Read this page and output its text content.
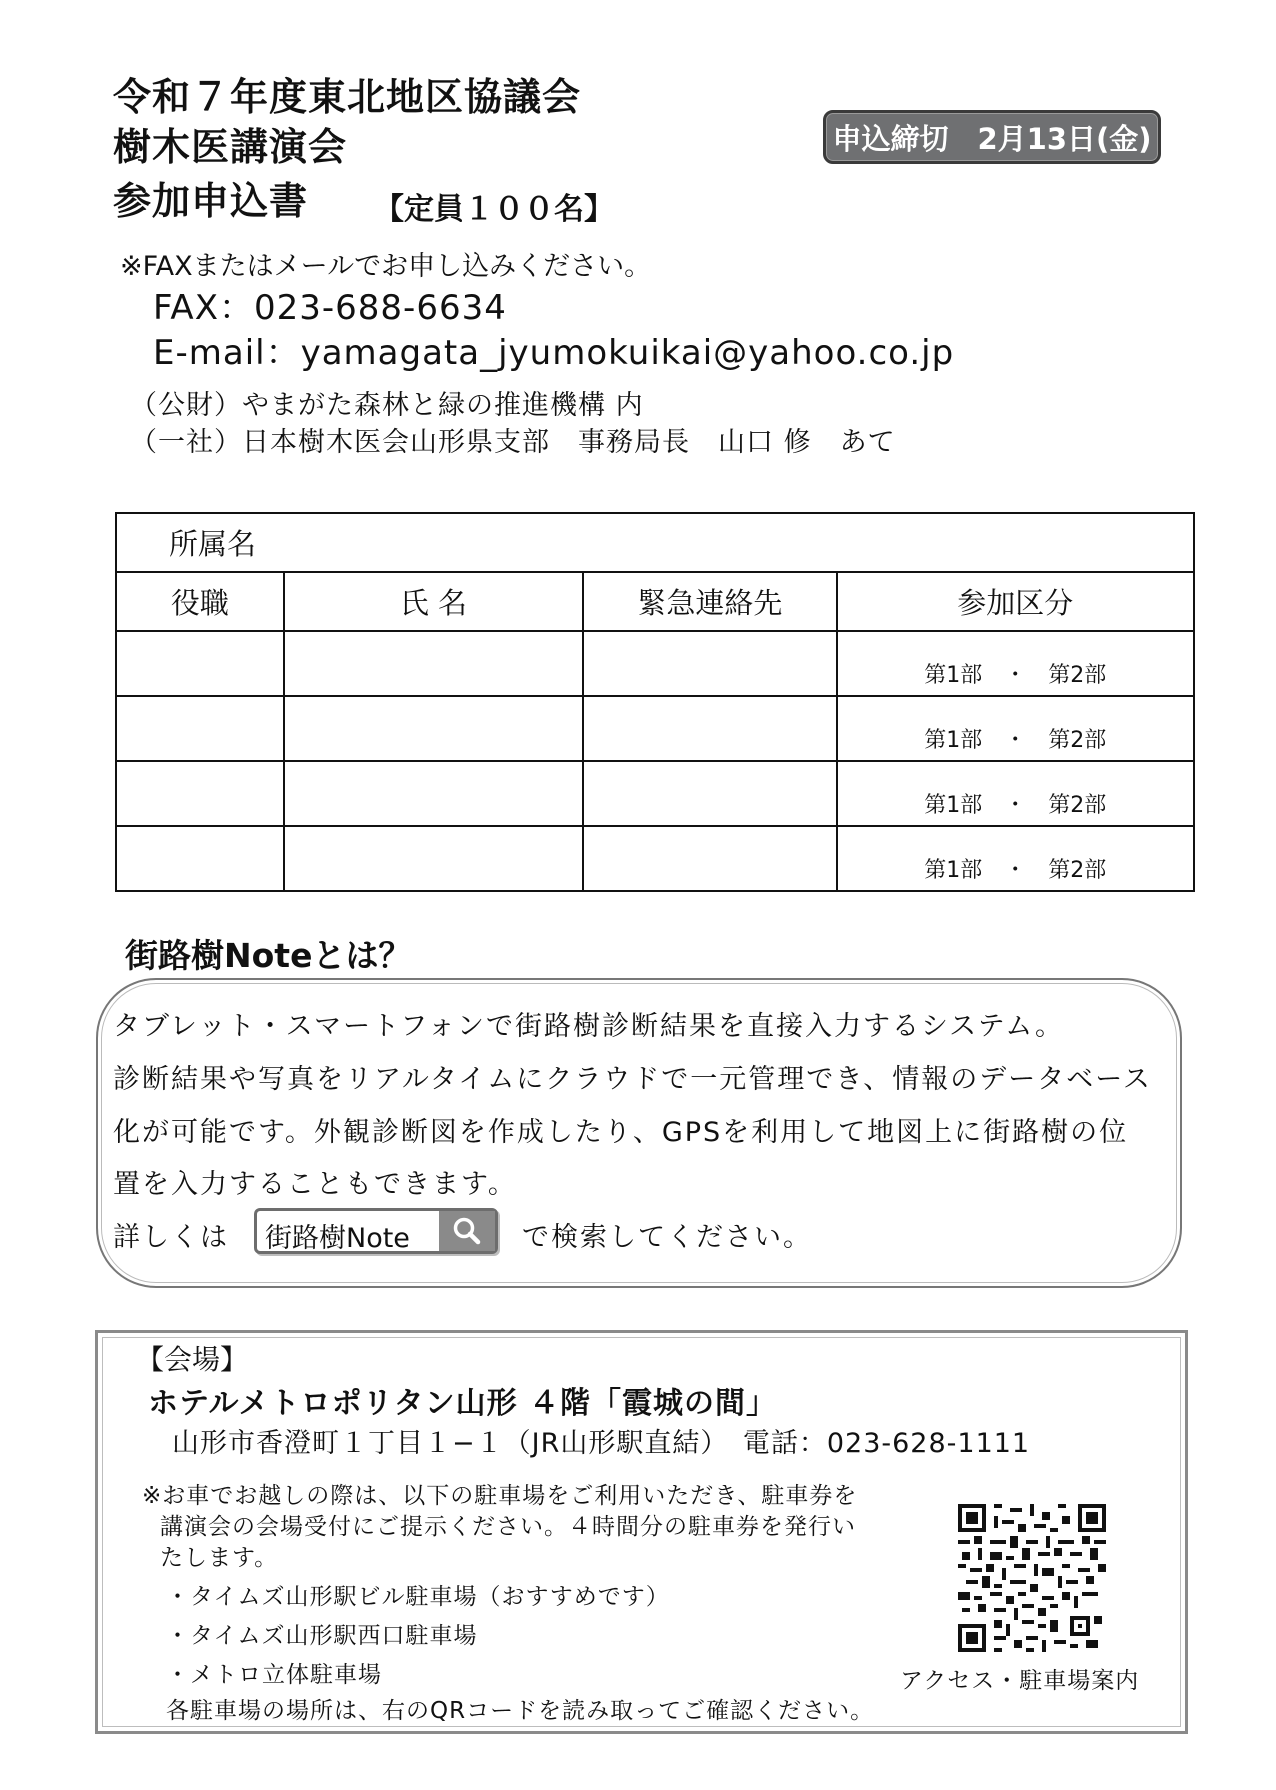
令和７年度東北地区協議会
樹木医講演会
参加申込書 【定員１００名】
申込締切　2月13日(金)
※FAXまたはメールでお申し込みください。
FAX：023-688-6634
E-mail：yamagata_jyumokuikai@yahoo.co.jp
（公財）やまがた森林と緑の推進機構 内
（一社）日本樹木医会山形県支部　事務局長　山口 修　あて
所属名			
役職	氏 名	緊急連絡先	参加区分
			第1部　・　第2部
			第1部　・　第2部
			第1部　・　第2部
			第1部　・　第2部
街路樹Noteとは？
タブレット・スマートフォンで街路樹診断結果を直接入力するシステム。
診断結果や写真をリアルタイムにクラウドで一元管理でき、情報のデータベース
化が可能です。外観診断図を作成したり、GPSを利用して地図上に街路樹の位
置を入力することもできます。
詳しくは 街路樹Note	で検索してください。
【会場】
ホテルメトロポリタン山形 ４階「霞城の間」
山形市香澄町１丁目１−１（JR山形駅直結）　電話：023-628-1111
※お車でお越しの際は、以下の駐車場をご利用いただき、駐車券を
講演会の会場受付にご提示ください。４時間分の駐車券を発行い
たします。
・タイムズ山形駅ビル駐車場（おすすめです）
・タイムズ山形駅西口駐車場
・メトロ立体駐車場
各駐車場の場所は、右のQRコードを読み取ってご確認ください。
アクセス・駐車場案内
